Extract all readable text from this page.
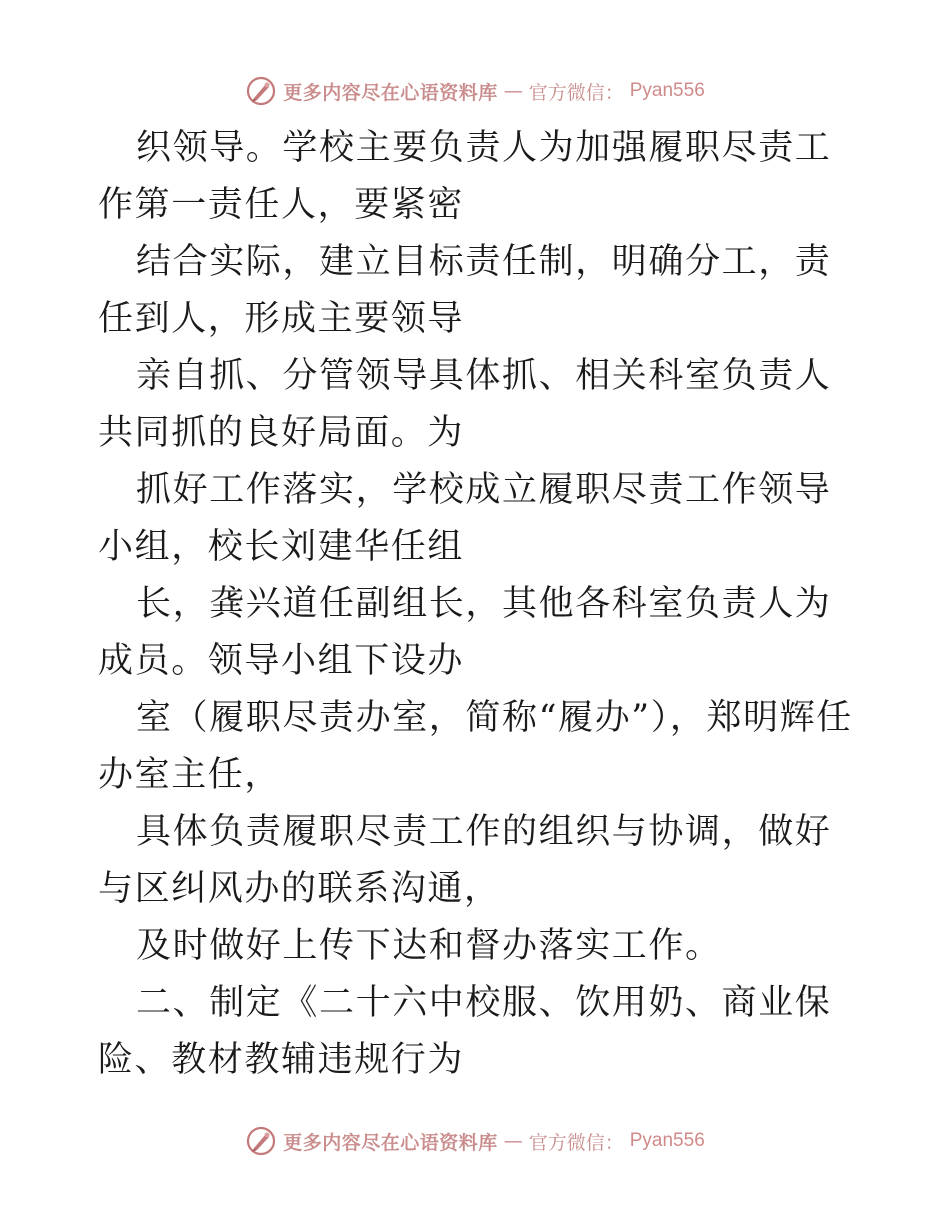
更多内容尽在心语资料库 — 官方微信： Pyan556

织领导。学校主要负责人为加强履职尽责工作第一责任人，要紧密

结合实际，建立目标责任制，明确分工，责任到人，形成主要领导

亲自抓、分管领导具体抓、相关科室负责人共同抓的良好局面。为

抓好工作落实，学校成立履职尽责工作领导小组，校长刘建华任组

长，龚兴道任副组长，其他各科室负责人为成员。领导小组下设办

室（履职尽责办室，简称“履办”），郑明辉任办室主任，

具体负责履职尽责工作的组织与协调，做好与区纠风办的联系沟通，

及时做好上传下达和督办落实工作。

二、制定《二十六中校服、饮用奶、商业保险、教材教辅违规行为

更多内容尽在心语资料库 — 官方微信： Pyan556
